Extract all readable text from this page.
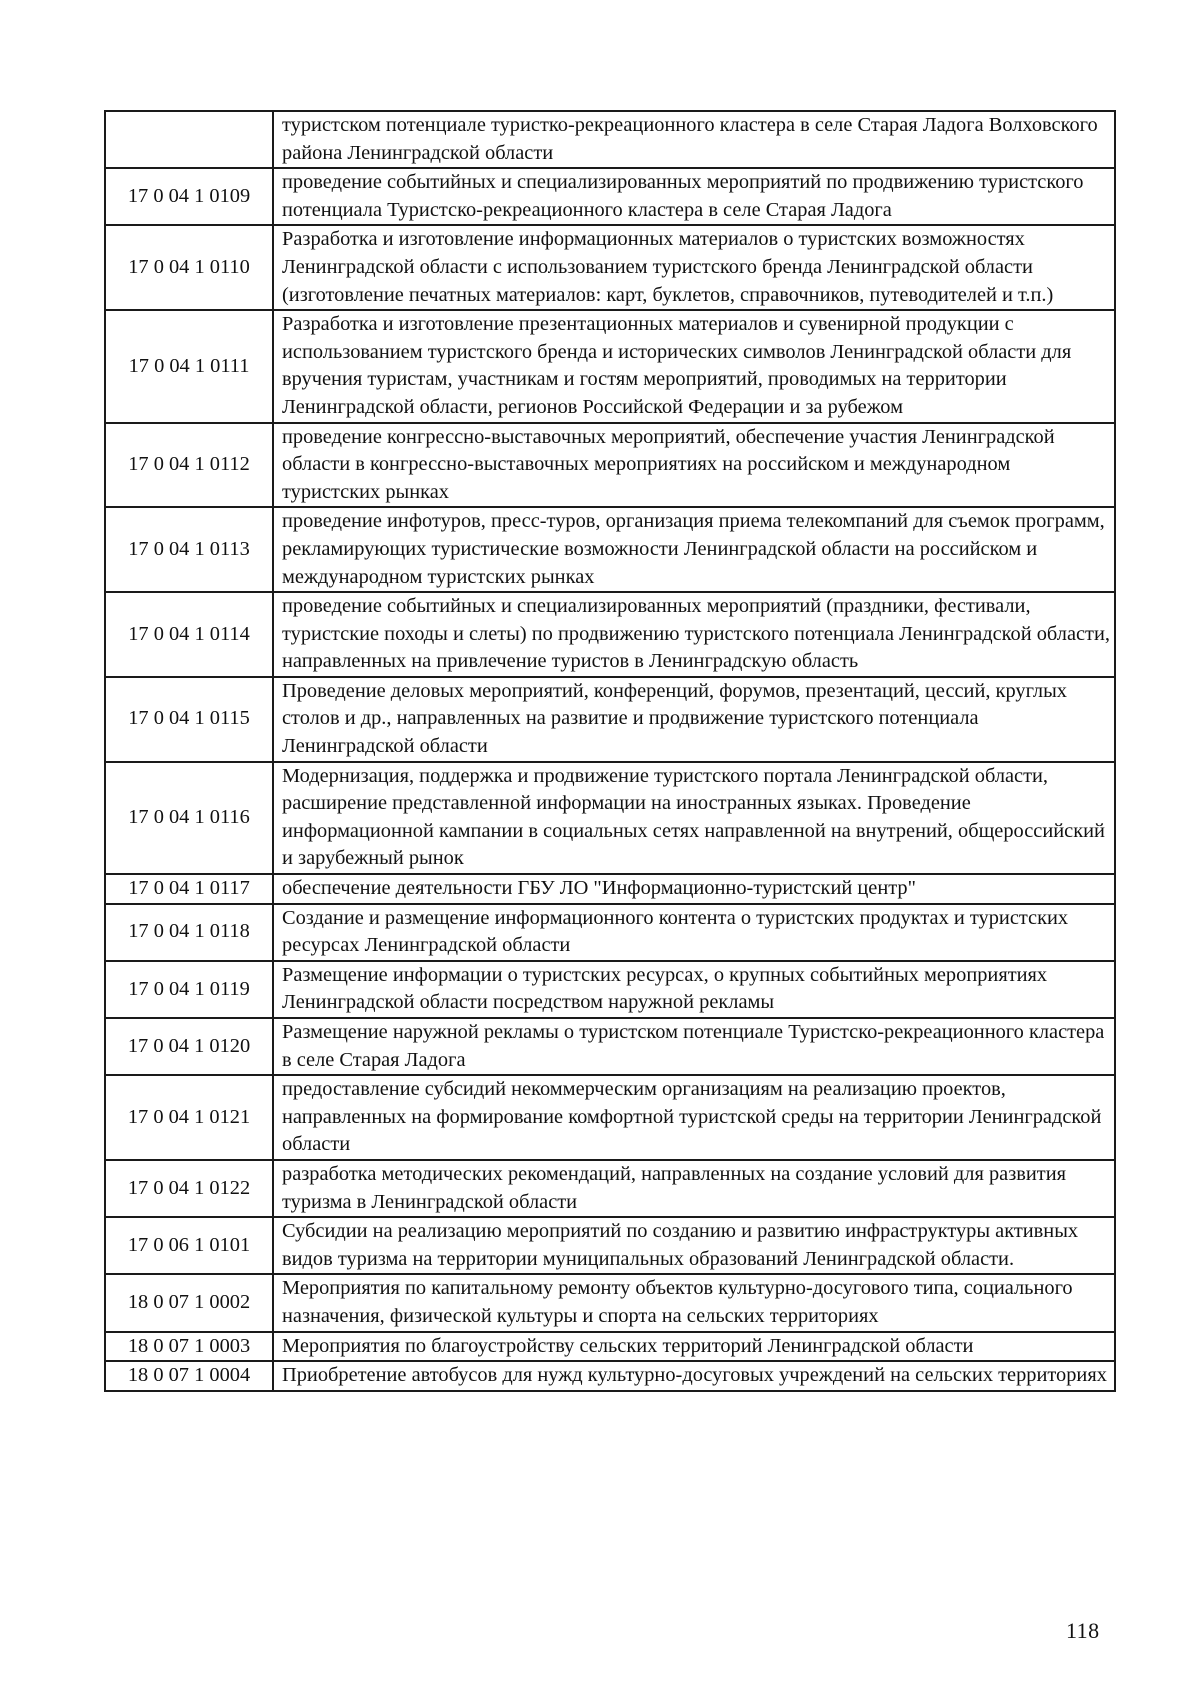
	туристском потенциале туристко-рекреационного кластера в селе Старая Ладога Волховского района Ленинградской области
17 0 04 1 0109	проведение событийных и специализированных мероприятий по продвижению туристского потенциала Туристско-рекреационного кластера в селе Старая Ладога
17 0 04 1 0110	Разработка и изготовление информационных материалов о туристских возможностях Ленинградской области с использованием туристского бренда Ленинградской области (изготовление печатных материалов: карт, буклетов, справочников, путеводителей и т.п.)
17 0 04 1 0111	Разработка и изготовление презентационных материалов и сувенирной продукции с использованием туристского бренда и исторических символов Ленинградской области для вручения туристам, участникам и гостям мероприятий, проводимых на территории Ленинградской области, регионов Российской Федерации и за рубежом
17 0 04 1 0112	проведение конгрессно-выставочных мероприятий, обеспечение участия Ленинградской области в конгрессно-выставочных мероприятиях на российском и международном туристских рынках
17 0 04 1 0113	проведение инфотуров, пресс-туров, организация приема телекомпаний для съемок программ, рекламирующих туристические возможности Ленинградской области на российском и международном туристских рынках
17 0 04 1 0114	проведение событийных и специализированных мероприятий (праздники, фестивали, туристские походы и слеты) по продвижению туристского потенциала Ленинградской области, направленных на привлечение туристов в Ленинградскую область
17 0 04 1 0115	Проведение деловых мероприятий, конференций, форумов, презентаций, цессий, круглых столов и др., направленных на развитие и продвижение туристского потенциала Ленинградской области
17 0 04 1 0116	Модернизация, поддержка и продвижение туристского портала Ленинградской области, расширение представленной информации на иностранных языках. Проведение информационной кампании в социальных сетях направленной на внутрений, общероссийский и зарубежный рынок
17 0 04 1 0117	обеспечение деятельности ГБУ ЛО "Информационно-туристский центр"
17 0 04 1 0118	Создание и размещение информационного контента о туристских продуктах и туристских ресурсах Ленинградской области
17 0 04 1 0119	Размещение информации о туристских ресурсах, о крупных событийных мероприятиях Ленинградской области посредством наружной рекламы
17 0 04 1 0120	Размещение наружной рекламы о туристском потенциале Туристско-рекреационного кластера в селе Старая Ладога
17 0 04 1 0121	предоставление субсидий некоммерческим организациям на реализацию проектов, направленных на формирование комфортной туристской среды на территории Ленинградской области
17 0 04 1 0122	разработка методических рекомендаций, направленных на создание условий для развития туризма в Ленинградской области
17 0 06 1 0101	Субсидии на реализацию мероприятий по созданию и развитию инфраструктуры активных видов туризма на территории муниципальных образований Ленинградской области.
18 0 07 1 0002	Мероприятия по капитальному ремонту объектов культурно-досугового типа, социального назначения, физической культуры и спорта на сельских территориях
18 0 07 1 0003	Мероприятия по благоустройству сельских территорий Ленинградской области
18 0 07 1 0004	Приобретение автобусов для нужд культурно-досуговых учреждений на сельских территориях
118
